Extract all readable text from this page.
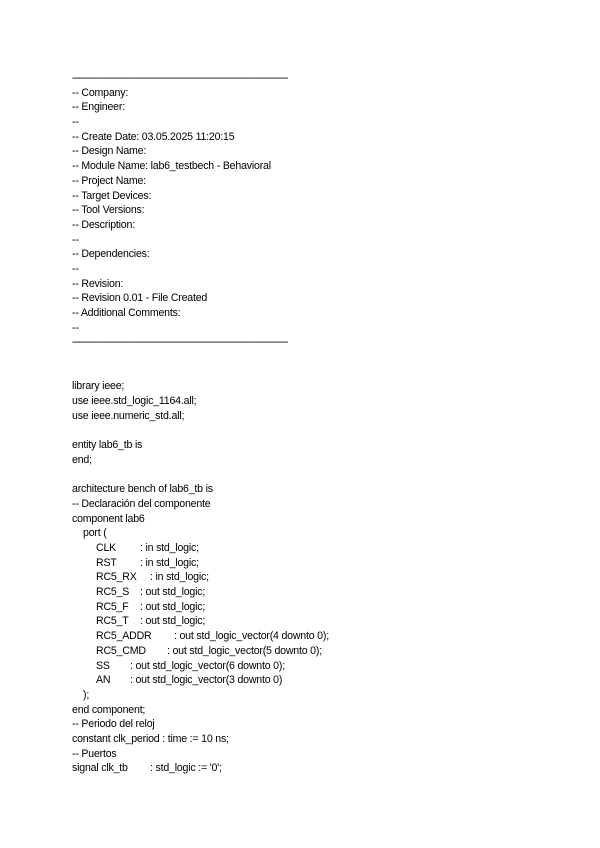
----------------------------------------------------------------------------------
-- Company:
-- Engineer:
--
-- Create Date: 03.05.2025 11:20:15
-- Design Name:
-- Module Name: lab6_testbech - Behavioral
-- Project Name:
-- Target Devices:
-- Tool Versions:
-- Description:
--
-- Dependencies:
--
-- Revision:
-- Revision 0.01 - File Created
-- Additional Comments:
--
----------------------------------------------------------------------------------
library ieee;
use ieee.std_logic_1164.all;
use ieee.numeric_std.all;
entity lab6_tb is
end;
architecture bench of lab6_tb is
-- Declaración del componente
component lab6
port (
CLK : in std_logic;
RST : in std_logic;
RC5_RX : in std_logic;
RC5_S : out std_logic;
RC5_F : out std_logic;
RC5_T : out std_logic;
RC5_ADDR : out std_logic_vector(4 downto 0);
RC5_CMD : out std_logic_vector(5 downto 0);
SS : out std_logic_vector(6 downto 0);
AN : out std_logic_vector(3 downto 0)
);
end component;
-- Periodo del reloj
constant clk_period : time := 10 ns;
-- Puertos
signal clk_tb : std_logic := '0';
